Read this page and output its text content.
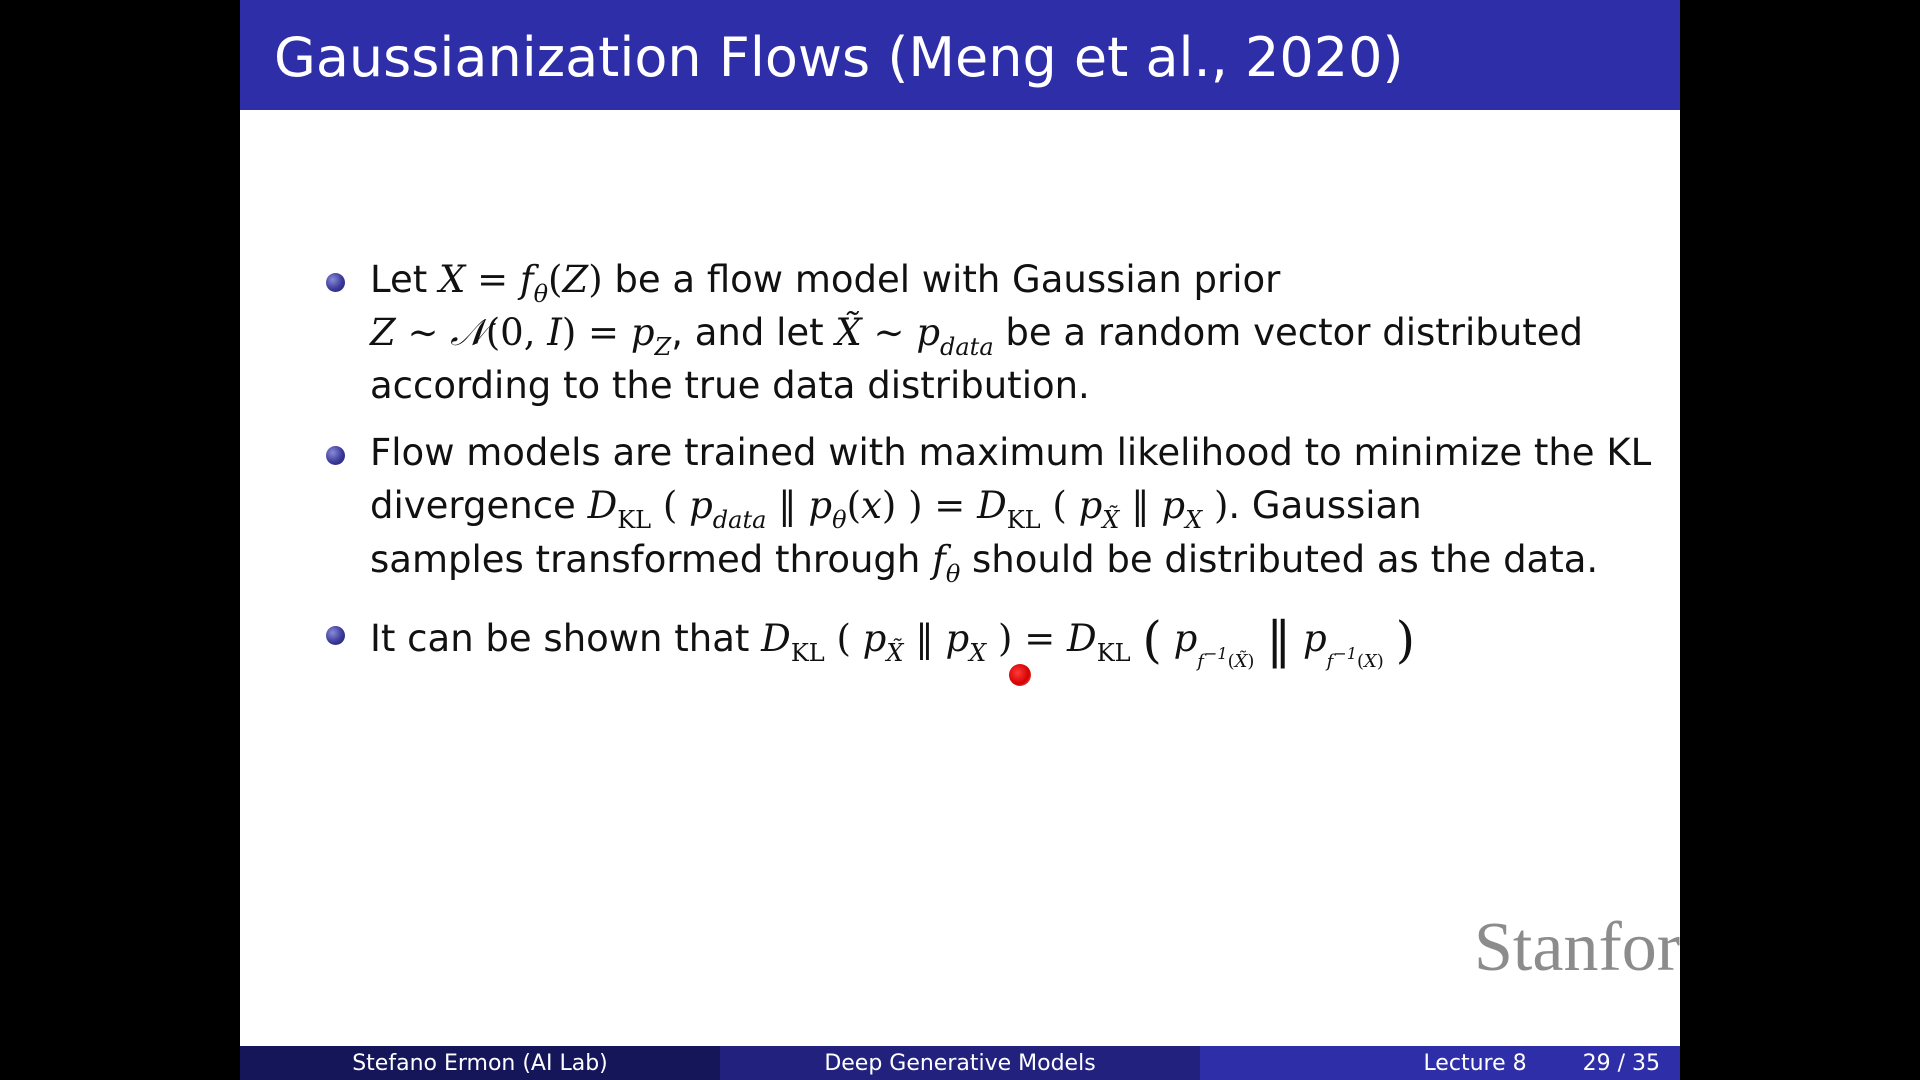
Gaussianization Flows (Meng et al., 2020)
Let $X = f_\theta(Z)$ be a flow model with Gaussian prior
Z ∼ 𝒩(0, $I) = p_Z$, and let X̃ ∼ $p_{data}$ be a random vector distributed
according to the true data distribution.
Flow models are trained with maximum likelihood to minimize the KL
divergence $D_{KL}$ ( $p_{data}$ ‖ $p_\theta(x)$ ) = $D_{KL}$ ( $p_{X̃}$ ‖ $p_X$ ). Gaussian
samples transformed through $f_\theta$ should be distributed as the data.
It can be shown that $D_{KL}$ ( $p_{X̃}$ ‖ $p_X$ ) = $D_{KL}$ ( $p_{f-1(X̃)}$ ‖ $p_{f-1(X)}$ )
Stanfor
Stefano Ermon (AI Lab)	Deep Generative Models	Lecture 8	29 / 35
